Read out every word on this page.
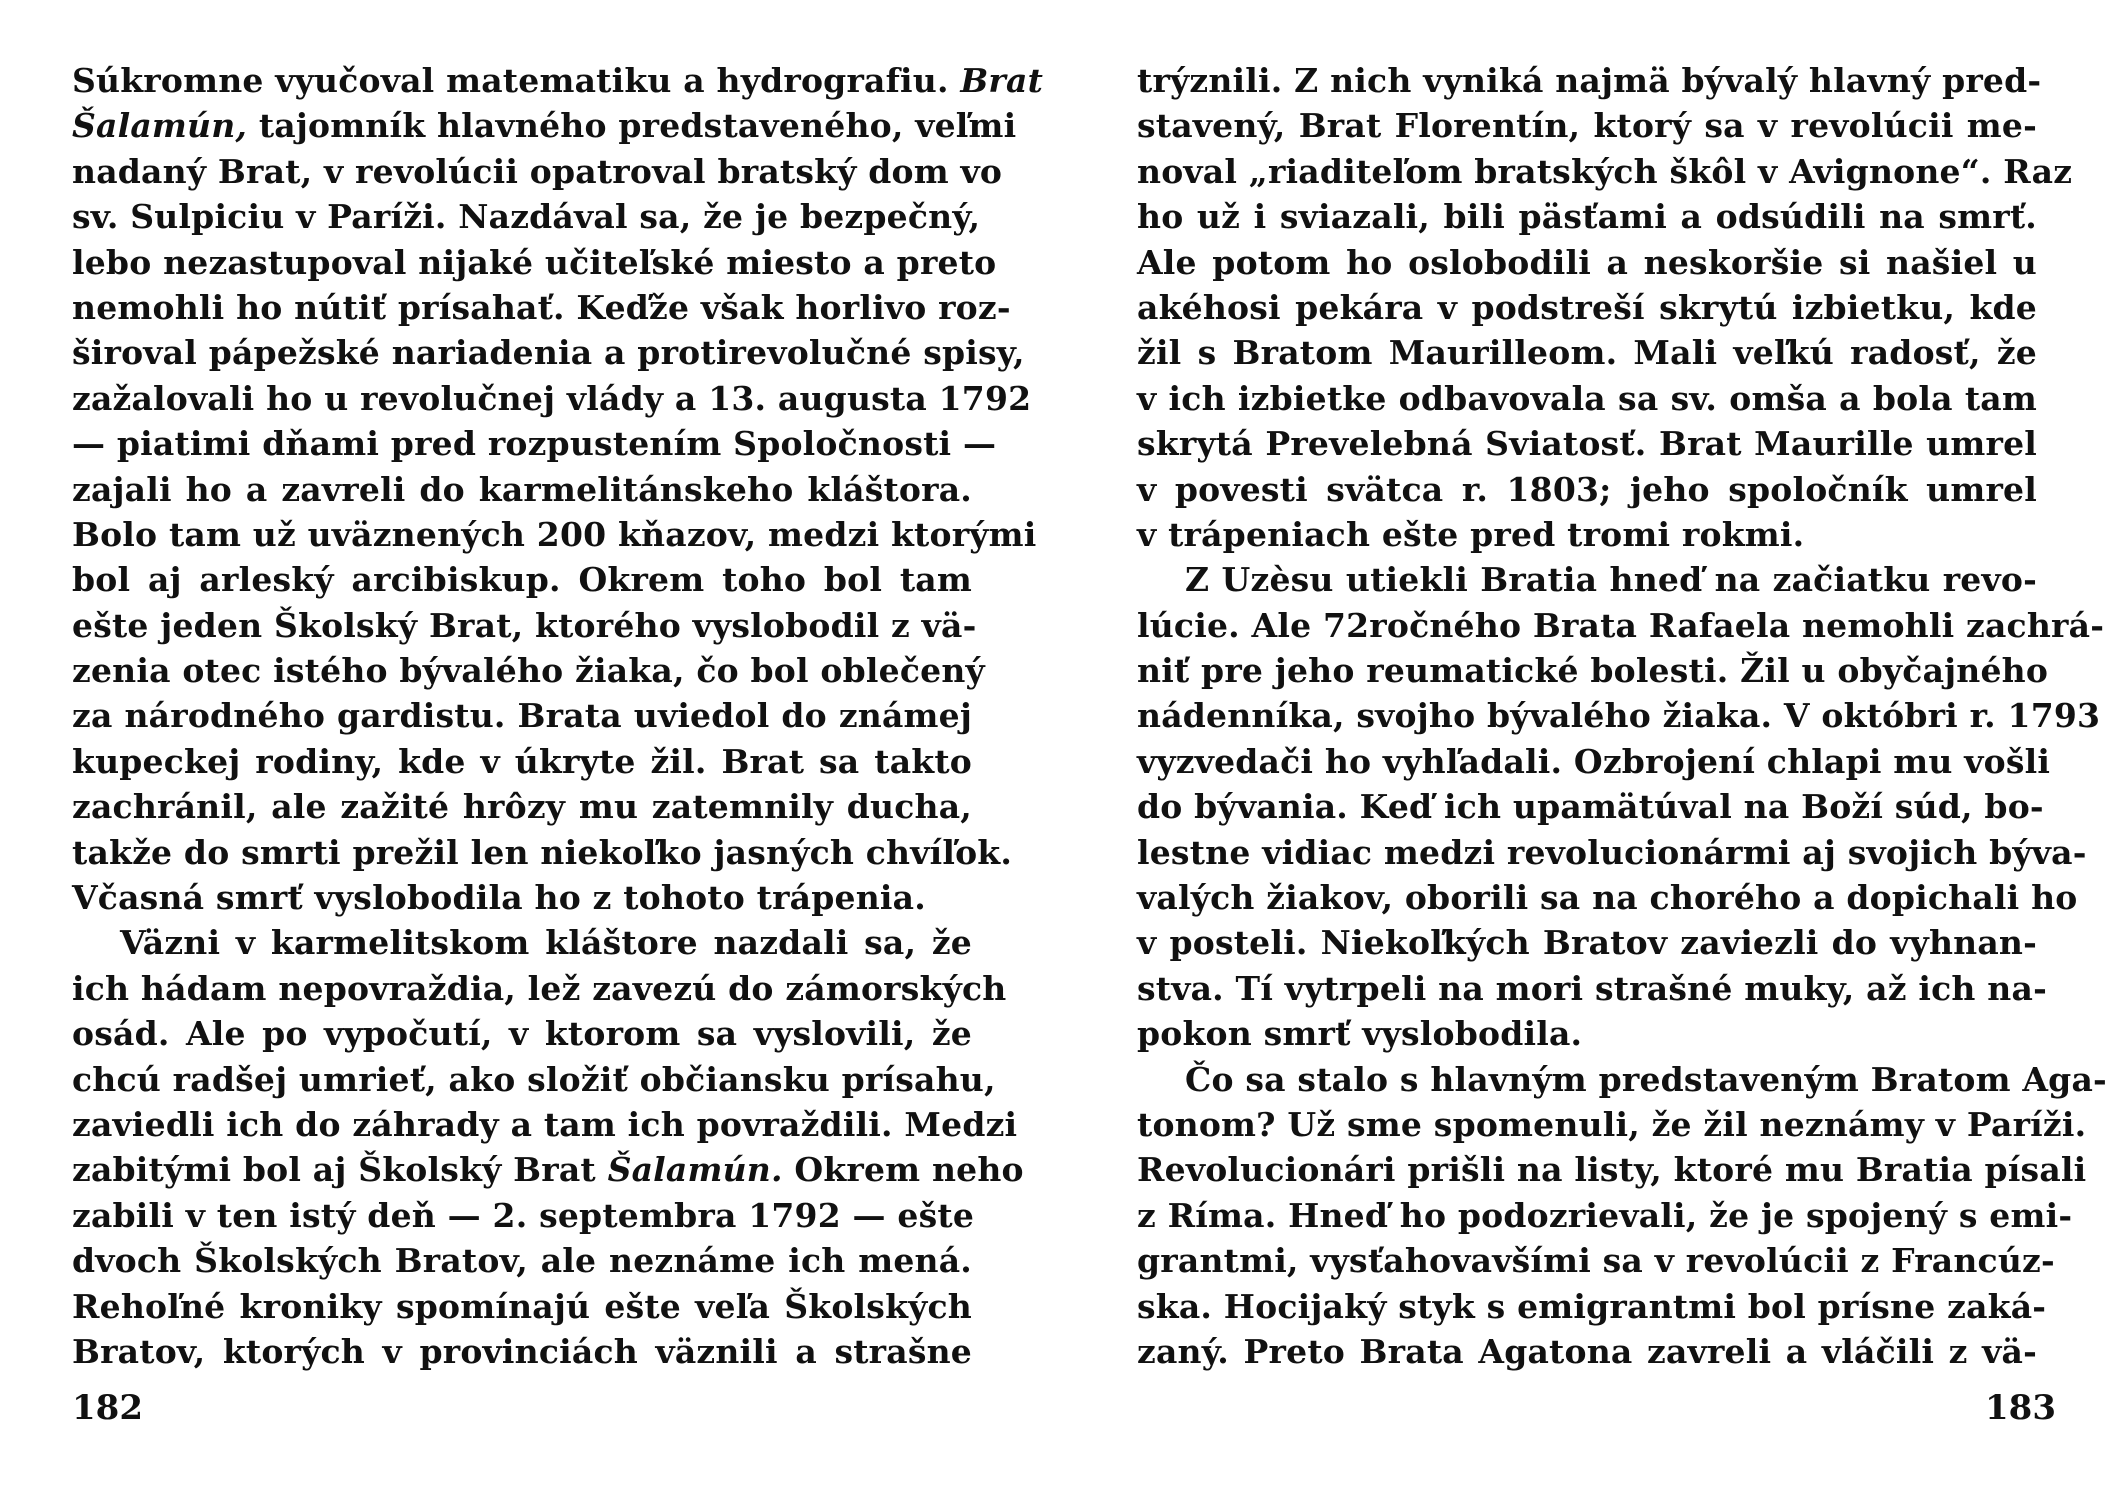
Súkromne vyučoval matematiku a hydrografiu. Brat
Šalamún, tajomník hlavného predstaveného, veľmi
nadaný Brat, v revolúcii opatroval bratský dom vo
sv. Sulpiciu v Paríži. Nazdával sa, že je bezpečný,
lebo nezastupoval nijaké učiteľské miesto a preto
nemohli ho nútiť prísahať. Keďže však horlivo roz-
široval pápežské nariadenia a protirevolučné spisy,
zažalovali ho u revolučnej vlády a 13. augusta 1792
— piatimi dňami pred rozpustením Spoločnosti —
zajali ho a zavreli do karmelitánskeho kláštora.
Bolo tam už uväznených 200 kňazov, medzi ktorými
bol aj arleský arcibiskup. Okrem toho bol tam
ešte jeden Školský Brat, ktorého vyslobodil z vä-
zenia otec istého bývalého žiaka, čo bol oblečený
za národného gardistu. Brata uviedol do známej
kupeckej rodiny, kde v úkryte žil. Brat sa takto
zachránil, ale zažité hrôzy mu zatemnily ducha,
takže do smrti prežil len niekoľko jasných chvíľok.
Včasná smrť vyslobodila ho z tohoto trápenia.
Väzni v karmelitskom kláštore nazdali sa, že
ich hádam nepovraždia, lež zavezú do zámorských
osád. Ale po vypočutí, v ktorom sa vyslovili, že
chcú radšej umrieť, ako složiť občiansku prísahu,
zaviedli ich do záhrady a tam ich povraždili. Medzi
zabitými bol aj Školský Brat Šalamún. Okrem neho
zabili v ten istý deň — 2. septembra 1792 — ešte
dvoch Školských Bratov, ale neznáme ich mená.
Rehoľné kroniky spomínajú ešte veľa Školských
Bratov, ktorých v provinciách väznili a strašne
trýznili. Z nich vyniká najmä bývalý hlavný pred-
stavený, Brat Florentín, ktorý sa v revolúcii me-
noval „riaditeľom bratských škôl v Avignone“. Raz
ho už i sviazali, bili päsťami a odsúdili na smrť.
Ale potom ho oslobodili a neskoršie si našiel u
akéhosi pekára v podstreší skrytú izbietku, kde
žil s Bratom Maurilleom. Mali veľkú radosť, že
v ich izbietke odbavovala sa sv. omša a bola tam
skrytá Prevelebná Sviatosť. Brat Maurille umrel
v povesti svätca r. 1803; jeho spoločník umrel
v trápeniach ešte pred tromi rokmi.
Z Uzèsu utiekli Bratia hneď na začiatku revo-
lúcie. Ale 72ročného Brata Rafaela nemohli zachrá-
niť pre jeho reumatické bolesti. Žil u obyčajného
nádenníka, svojho bývalého žiaka. V októbri r. 1793
vyzvedači ho vyhľadali. Ozbrojení chlapi mu vošli
do bývania. Keď ich upamätúval na Boží súd, bo-
lestne vidiac medzi revolucionármi aj svojich býva-
valých žiakov, oborili sa na chorého a dopichali ho
v posteli. Niekoľkých Bratov zaviezli do vyhnan-
stva. Tí vytrpeli na mori strašné muky, až ich na-
pokon smrť vyslobodila.
Čo sa stalo s hlavným predstaveným Bratom Aga-
tonom? Už sme spomenuli, že žil neznámy v Paríži.
Revolucionári prišli na listy, ktoré mu Bratia písali
z Ríma. Hneď ho podozrievali, že je spojený s emi-
grantmi, vysťahovavšími sa v revolúcii z Francúz-
ska. Hocijaký styk s emigrantmi bol prísne zaká-
zaný. Preto Brata Agatona zavreli a vláčili z vä-
182	183
